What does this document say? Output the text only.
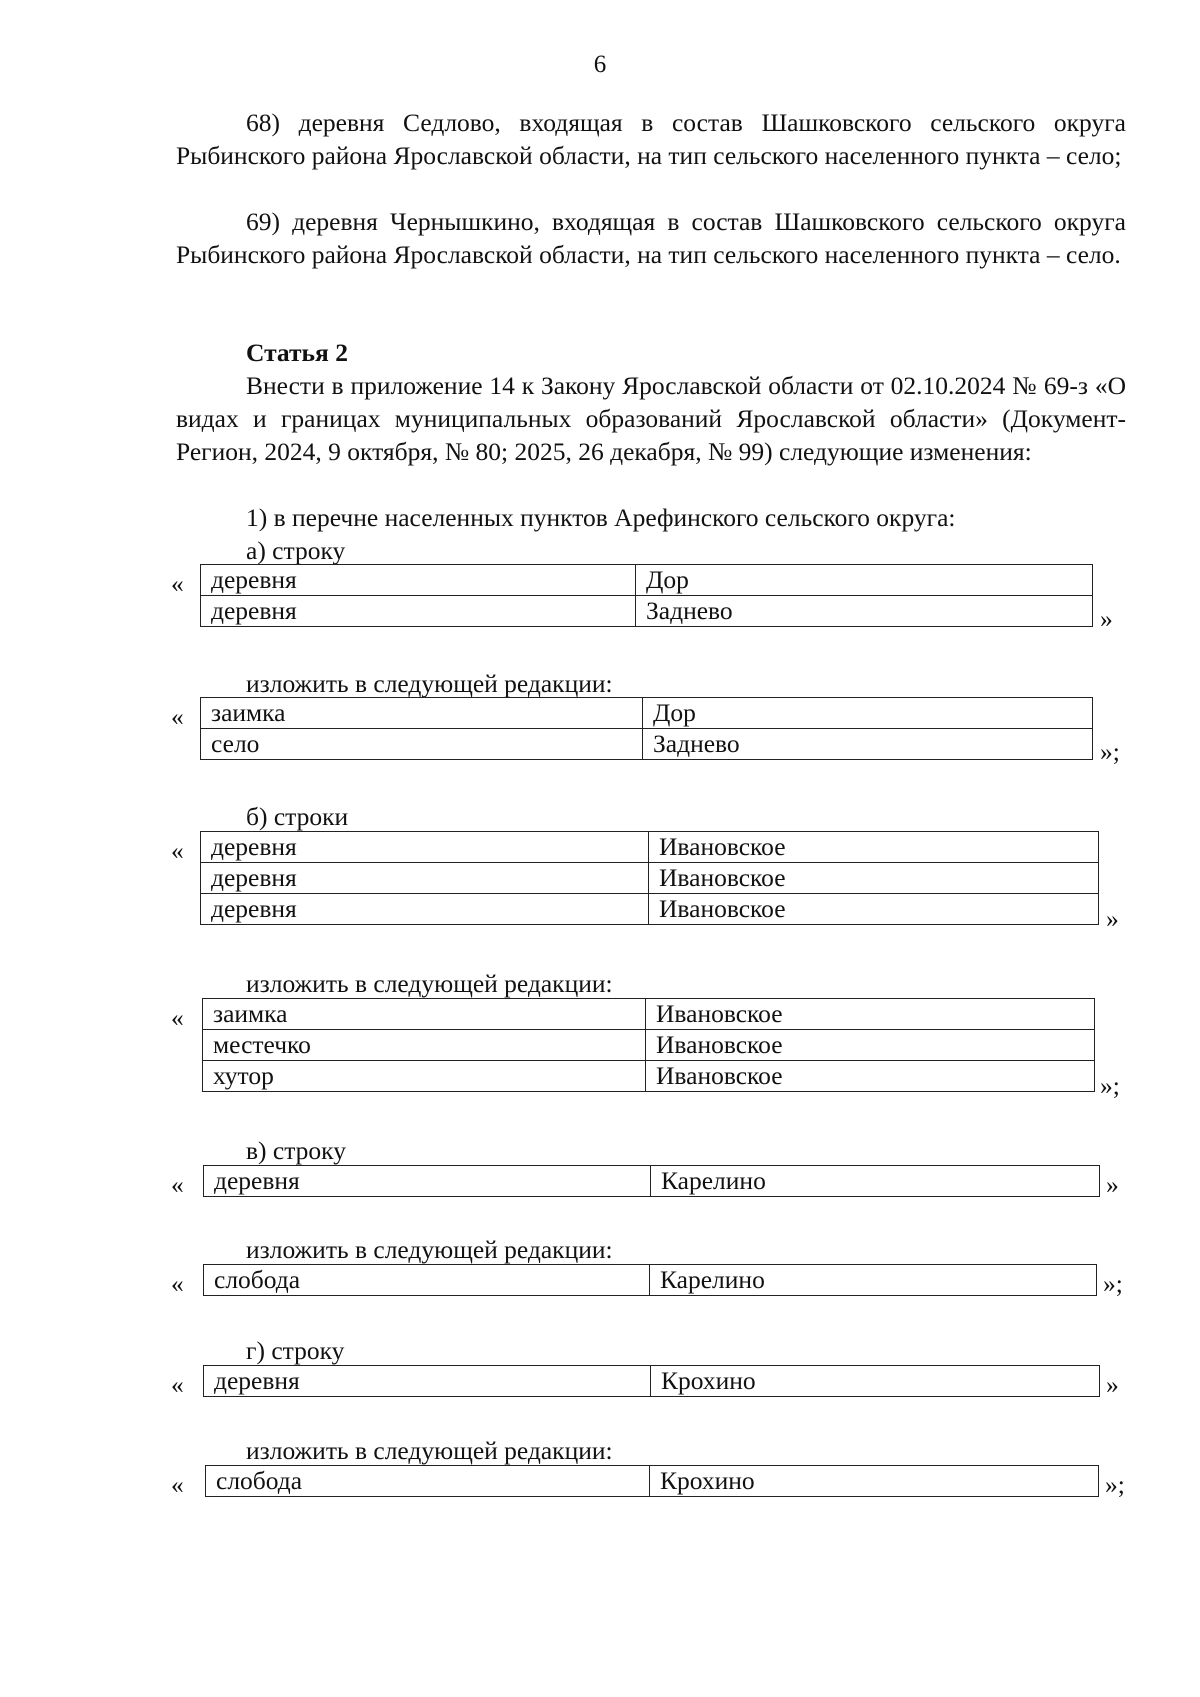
6
68) деревня Седлово, входящая в состав Шашковского сельского округа Рыбинского района Ярославской области, на тип сельского населенного пункта – село;
69) деревня Чернышкино, входящая в состав Шашковского сельского округа Рыбинского района Ярославской области, на тип сельского населенного пункта – село.
Статья 2
Внести в приложение 14 к Закону Ярославской области от 02.10.2024 № 69-з «О видах и границах муниципальных образований Ярославской области» (Документ-Регион, 2024, 9 октября, № 80; 2025, 26 декабря, № 99) следующие изменения:
1) в перечне населенных пунктов Арефинского сельского округа:
а) строку
« деревня	Дор
деревня	Заднево	»
изложить в следующей редакции:
« заимка	Дор
село	Заднево	»;
б) строки
« деревня	Ивановское
деревня	Ивановское
деревня	Ивановское	»
изложить в следующей редакции:
« заимка	Ивановское
местечко	Ивановское
хутор	Ивановское	»;
в) строку
« деревня	Карелино	»
изложить в следующей редакции:
« слобода	Карелино	»;
г) строку
« деревня	Крохино	»
изложить в следующей редакции:
« слобода	Крохино	»;
